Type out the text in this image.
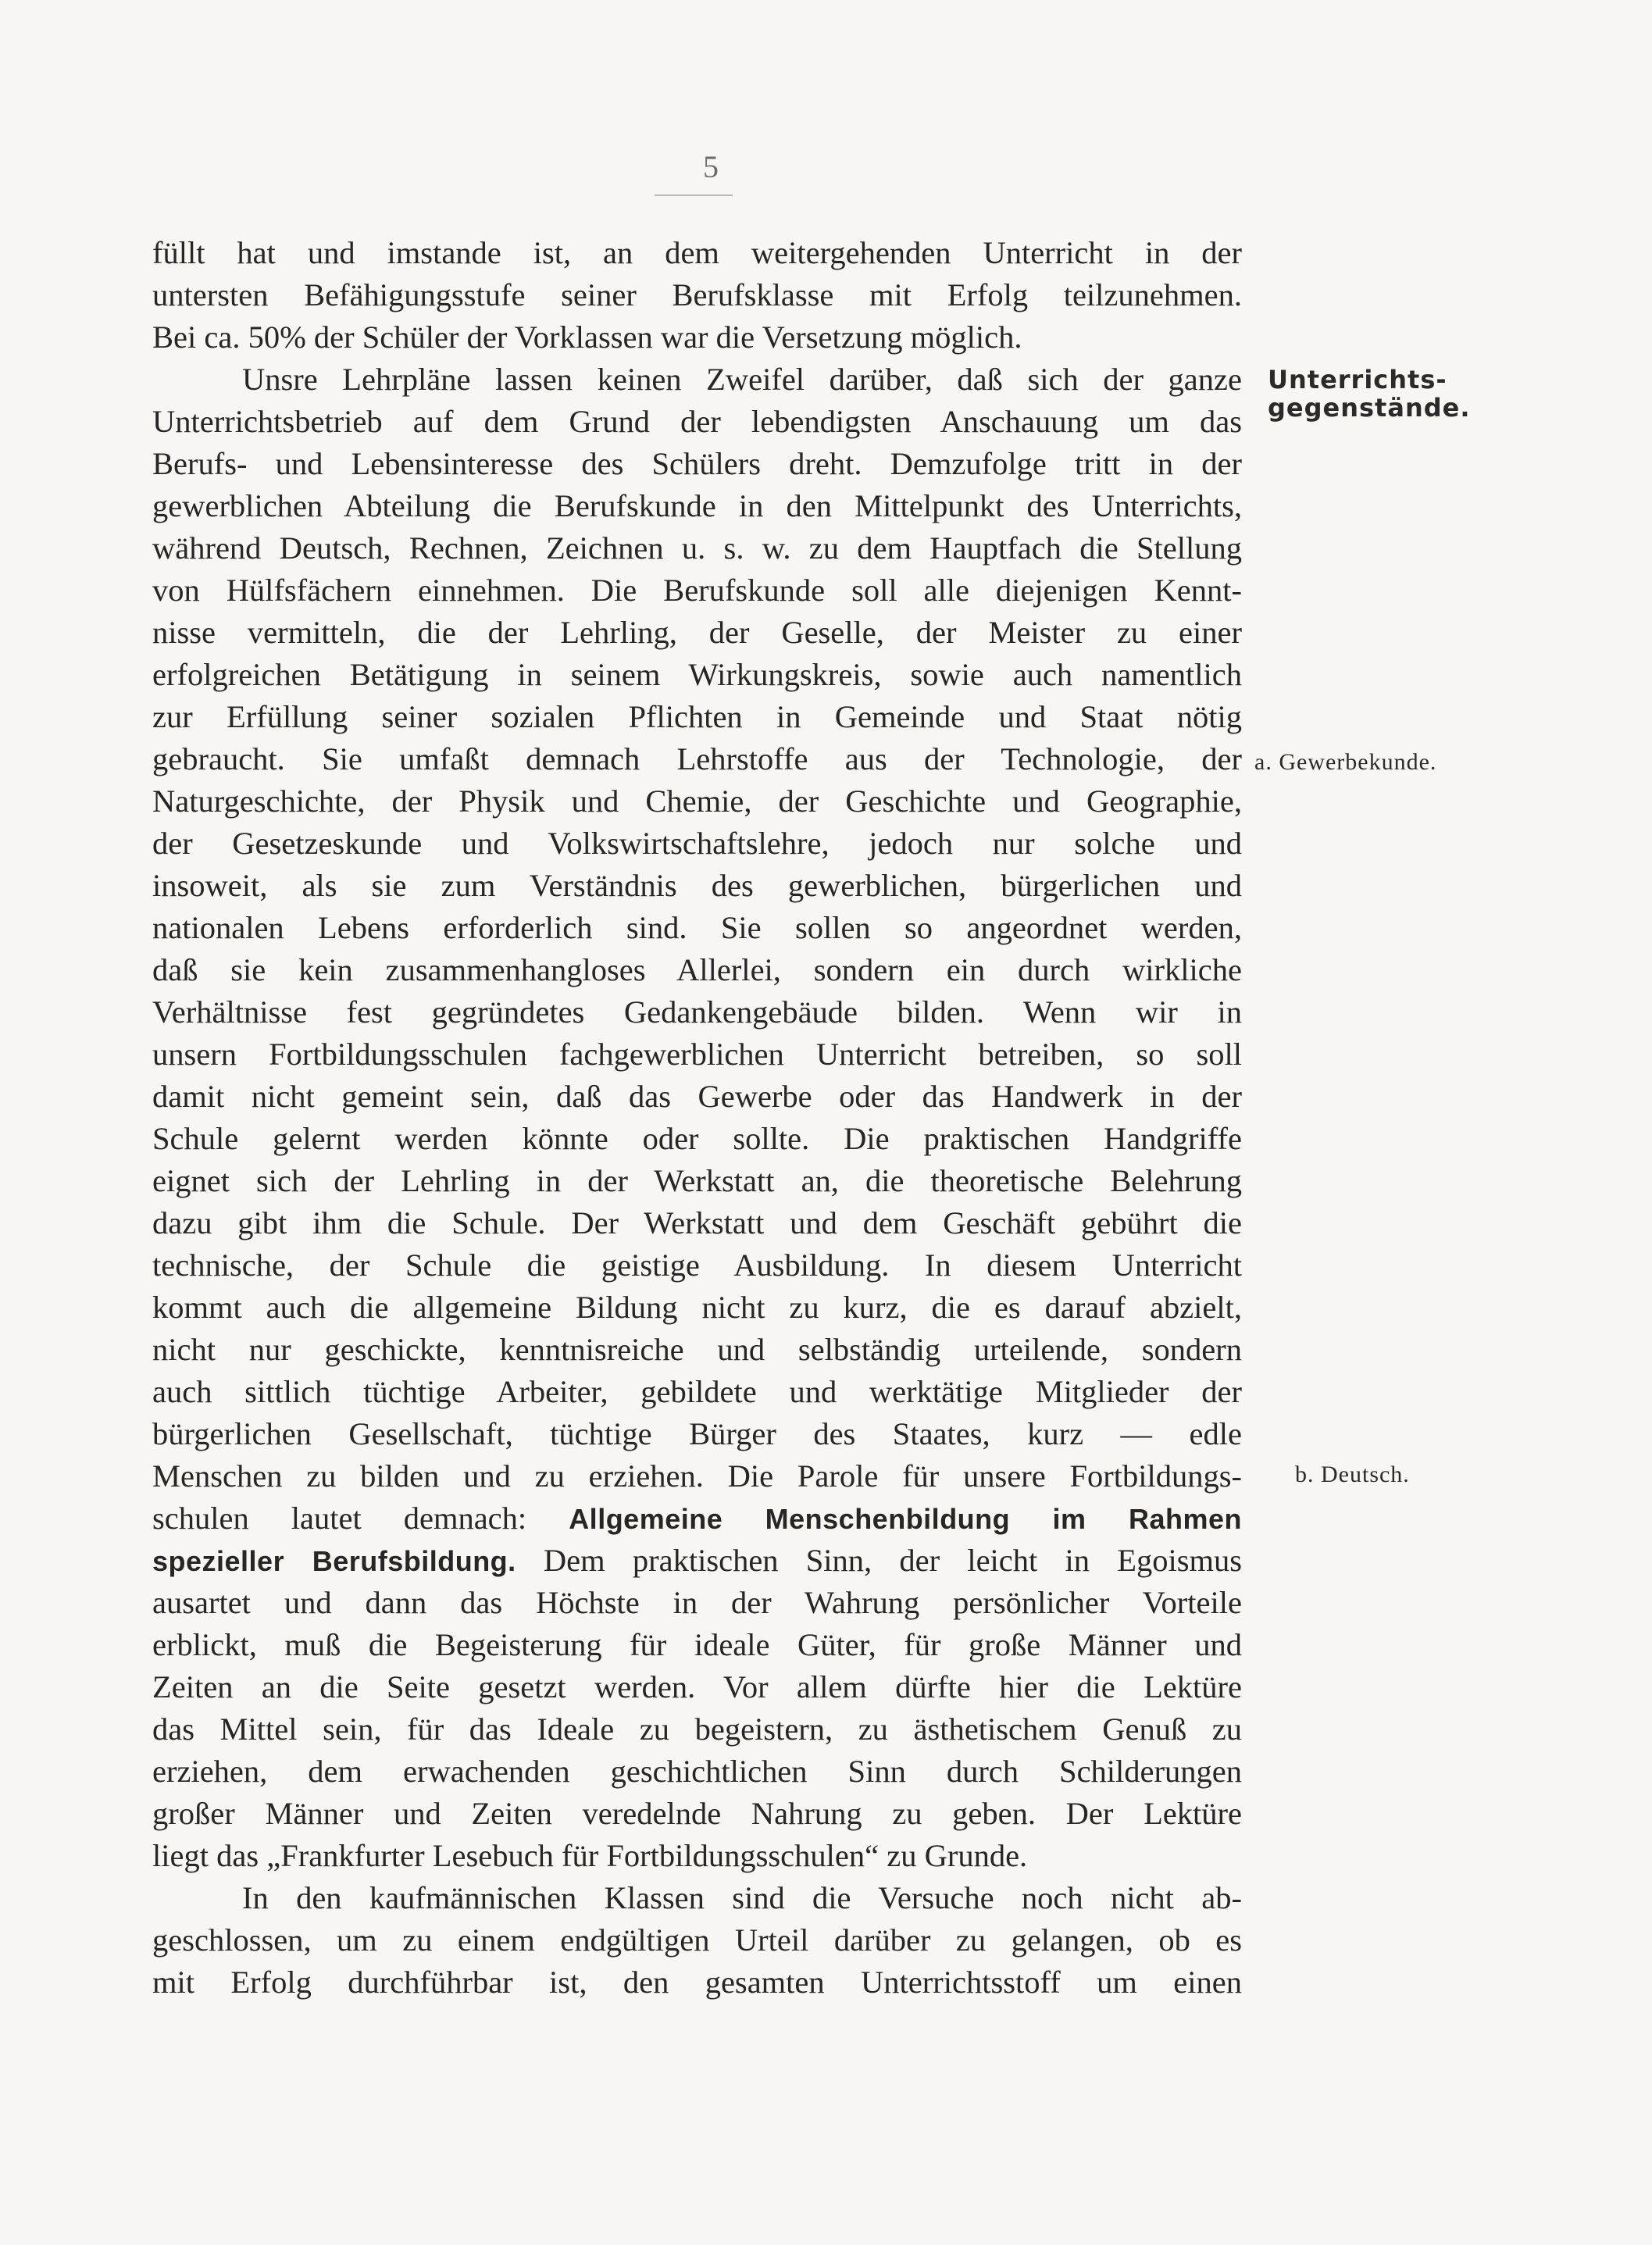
5
füllt hat und imstande ist, an dem weitergehenden Unterricht in der
untersten Befähigungsstufe seiner Berufsklasse mit Erfolg teilzunehmen.
Bei ca. 50% der Schüler der Vorklassen war die Versetzung möglich.
Unsre Lehrpläne lassen keinen Zweifel darüber, daß sich der ganze
Unterrichtsbetrieb auf dem Grund der lebendigsten Anschauung um das
Berufs- und Lebensinteresse des Schülers dreht. Demzufolge tritt in der
gewerblichen Abteilung die Berufskunde in den Mittelpunkt des Unterrichts,
während Deutsch, Rechnen, Zeichnen u. s. w. zu dem Hauptfach die Stellung
von Hülfsfächern einnehmen. Die Berufskunde soll alle diejenigen Kennt-
nisse vermitteln, die der Lehrling, der Geselle, der Meister zu einer
erfolgreichen Betätigung in seinem Wirkungskreis, sowie auch namentlich
zur Erfüllung seiner sozialen Pflichten in Gemeinde und Staat nötig
gebraucht. Sie umfaßt demnach Lehrstoffe aus der Technologie, der
Naturgeschichte, der Physik und Chemie, der Geschichte und Geographie,
der Gesetzeskunde und Volkswirtschaftslehre, jedoch nur solche und
insoweit, als sie zum Verständnis des gewerblichen, bürgerlichen und
nationalen Lebens erforderlich sind. Sie sollen so angeordnet werden,
daß sie kein zusammenhangloses Allerlei, sondern ein durch wirkliche
Verhältnisse fest gegründetes Gedankengebäude bilden. Wenn wir in
unsern Fortbildungsschulen fachgewerblichen Unterricht betreiben, so soll
damit nicht gemeint sein, daß das Gewerbe oder das Handwerk in der
Schule gelernt werden könnte oder sollte. Die praktischen Handgriffe
eignet sich der Lehrling in der Werkstatt an, die theoretische Belehrung
dazu gibt ihm die Schule. Der Werkstatt und dem Geschäft gebührt die
technische, der Schule die geistige Ausbildung. In diesem Unterricht
kommt auch die allgemeine Bildung nicht zu kurz, die es darauf abzielt,
nicht nur geschickte, kenntnisreiche und selbständig urteilende, sondern
auch sittlich tüchtige Arbeiter, gebildete und werktätige Mitglieder der
bürgerlichen Gesellschaft, tüchtige Bürger des Staates, kurz — edle
Menschen zu bilden und zu erziehen. Die Parole für unsere Fortbildungs-
schulen lautet demnach: Allgemeine Menschenbildung im Rahmen
spezieller Berufsbildung. Dem praktischen Sinn, der leicht in Egoismus
ausartet und dann das Höchste in der Wahrung persönlicher Vorteile
erblickt, muß die Begeisterung für ideale Güter, für große Männer und
Zeiten an die Seite gesetzt werden. Vor allem dürfte hier die Lektüre
das Mittel sein, für das Ideale zu begeistern, zu ästhetischem Genuß zu
erziehen, dem erwachenden geschichtlichen Sinn durch Schilderungen
großer Männer und Zeiten veredelnde Nahrung zu geben. Der Lektüre
liegt das „Frankfurter Lesebuch für Fortbildungsschulen“ zu Grunde.
In den kaufmännischen Klassen sind die Versuche noch nicht ab-
geschlossen, um zu einem endgültigen Urteil darüber zu gelangen, ob es
mit Erfolg durchführbar ist, den gesamten Unterrichtsstoff um einen
Unterrichts-
gegenstände.
a. Gewerbekunde.
b. Deutsch.
